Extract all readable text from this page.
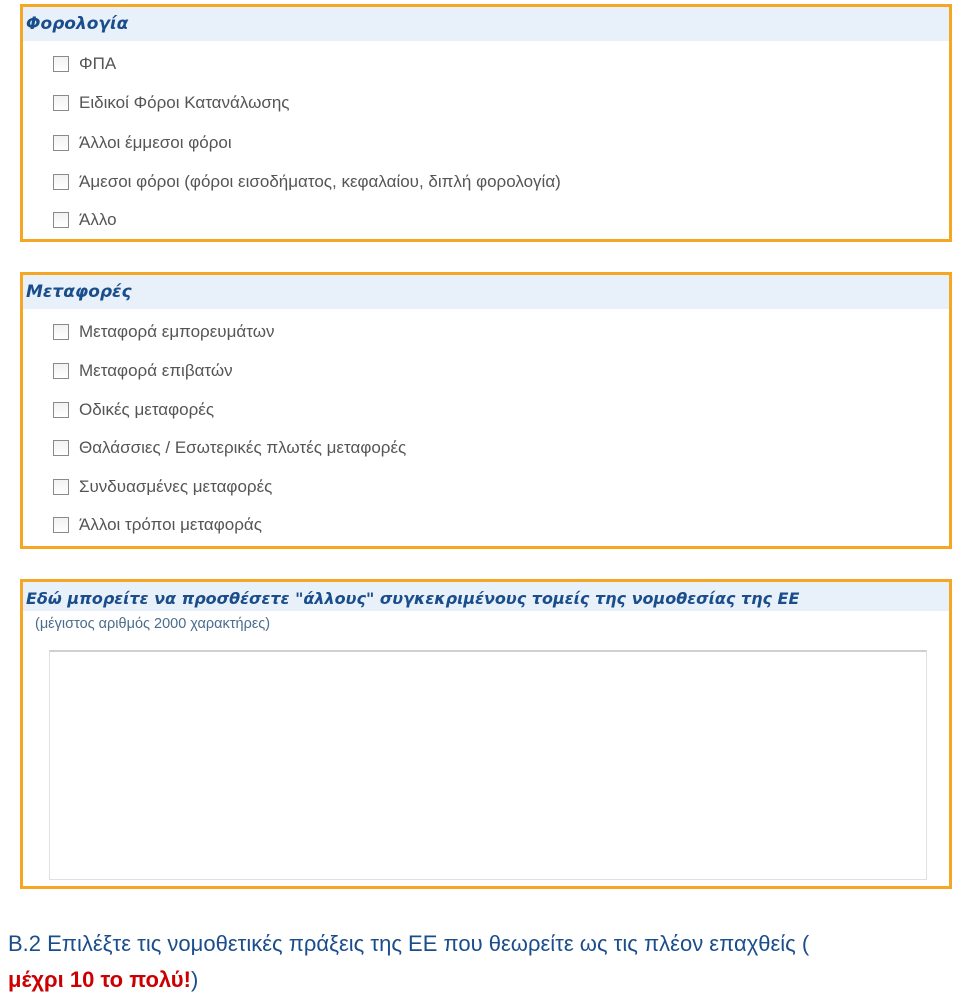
Φορολογία
ΦΠΑ
Ειδικοί Φόροι Κατανάλωσης
Άλλοι έμμεσοι φόροι
Άμεσοι φόροι (φόροι εισοδήματος, κεφαλαίου, διπλή φορολογία)
Άλλο
Μεταφορές
Μεταφορά εμπορευμάτων
Μεταφορά επιβατών
Οδικές μεταφορές
Θαλάσσιες / Εσωτερικές πλωτές μεταφορές
Συνδυασμένες μεταφορές
Άλλοι τρόποι μεταφοράς
Εδώ μπορείτε να προσθέσετε "άλλους" συγκεκριμένους τομείς της νομοθεσίας της ΕΕ
(μέγιστος αριθμός 2000 χαρακτήρες)
B.2 Επιλέξτε τις νομοθετικές πράξεις της ΕΕ που θεωρείτε ως τις πλέον επαχθείς (
μέχρι 10 το πολύ!)
